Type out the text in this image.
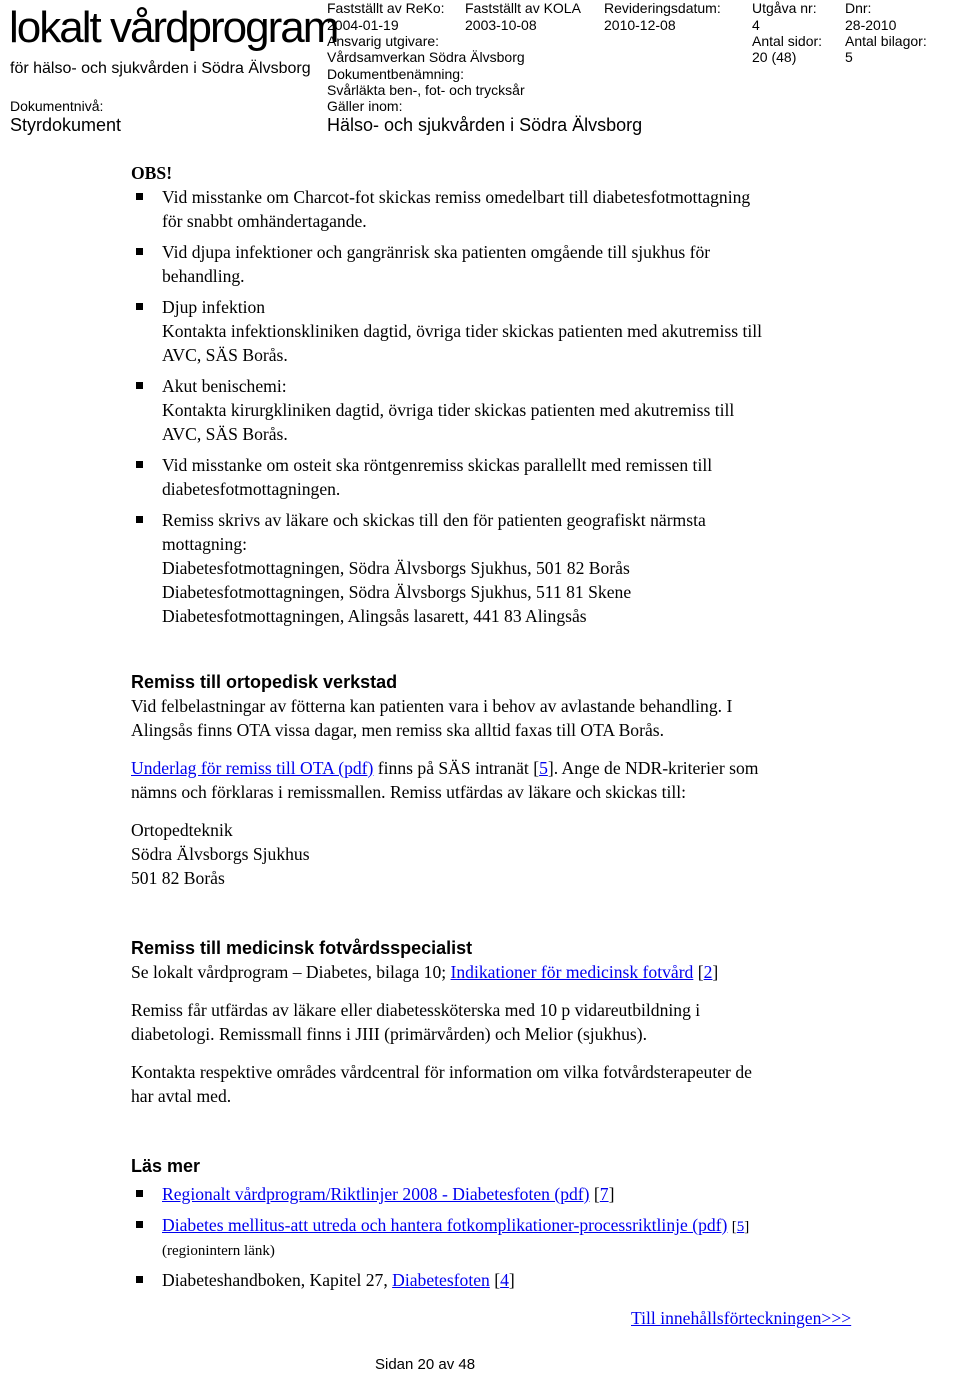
lokalt vårdprogram
för hälso- och sjukvården i Södra Älvsborg
Dokumentnivå:
Styrdokument
Fastställt av ReKo:
2004-01-19
Fastställt av KOLA
2003-10-08
Revideringsdatum:
2010-12-08
Utgåva nr:
4
Dnr:
28-2010
Ansvarig utgivare:
Vårdsamverkan Södra Älvsborg
Antal sidor:
20 (48)
Antal bilagor:
5
Dokumentbenämning:
Svårläkta ben-, fot- och trycksår
Gäller inom:
Hälso- och sjukvården i Södra Älvsborg

OBS!

Vid misstanke om Charcot-fot skickas remiss omedelbart till diabetesfotmottagning
för snabbt omhändertagande.
Vid djupa infektioner och gangränrisk ska patienten omgående till sjukhus för
behandling.
Djup infektion
Kontakta infektionskliniken dagtid, övriga tider skickas patienten med akutremiss till
AVC, SÄS Borås.
Akut benischemi:
Kontakta kirurgkliniken dagtid, övriga tider skickas patienten med akutremiss till
AVC, SÄS Borås.
Vid misstanke om osteit ska röntgenremiss skickas parallellt med remissen till
diabetesfotmottagningen.
Remiss skrivs av läkare och skickas till den för patienten geografiskt närmsta
mottagning:
Diabetesfotmottagningen, Södra Älvsborgs Sjukhus, 501 82 Borås
Diabetesfotmottagningen, Södra Älvsborgs Sjukhus, 511 81 Skene
Diabetesfotmottagningen, Alingsås lasarett, 441 83 Alingsås
Remiss till ortopedisk verkstad

Vid felbelastningar av fötterna kan patienten vara i behov av avlastande behandling. I
Alingsås finns OTA vissa dagar, men remiss ska alltid faxas till OTA Borås.

Underlag för remiss till OTA (pdf) finns på SÄS intranät [5]. Ange de NDR-kriterier som
nämns och förklaras i remissmallen. Remiss utfärdas av läkare och skickas till:

Ortopedteknik
Södra Älvsborgs Sjukhus
501 82 Borås

Remiss till medicinsk fotvårdsspecialist

Se lokalt vårdprogram – Diabetes, bilaga 10; Indikationer för medicinsk fotvård [2]

Remiss får utfärdas av läkare eller diabetessköterska med 10 p vidareutbildning i
diabetologi. Remissmall finns i JIII (primärvården) och Melior (sjukhus).

Kontakta respektive områdes vårdcentral för information om vilka fotvårdsterapeuter de
har avtal med.

Läs mer
Regionalt vårdprogram/Riktlinjer 2008 - Diabetesfoten (pdf) [7]
Diabetes mellitus-att utreda och hantera fotkomplikationer-processriktlinje (pdf) [5]
(regionintern länk)
Diabeteshandboken, Kapitel 27, Diabetesfoten [4]
Till innehållsförteckningen>>>
Sidan 20 av 48
